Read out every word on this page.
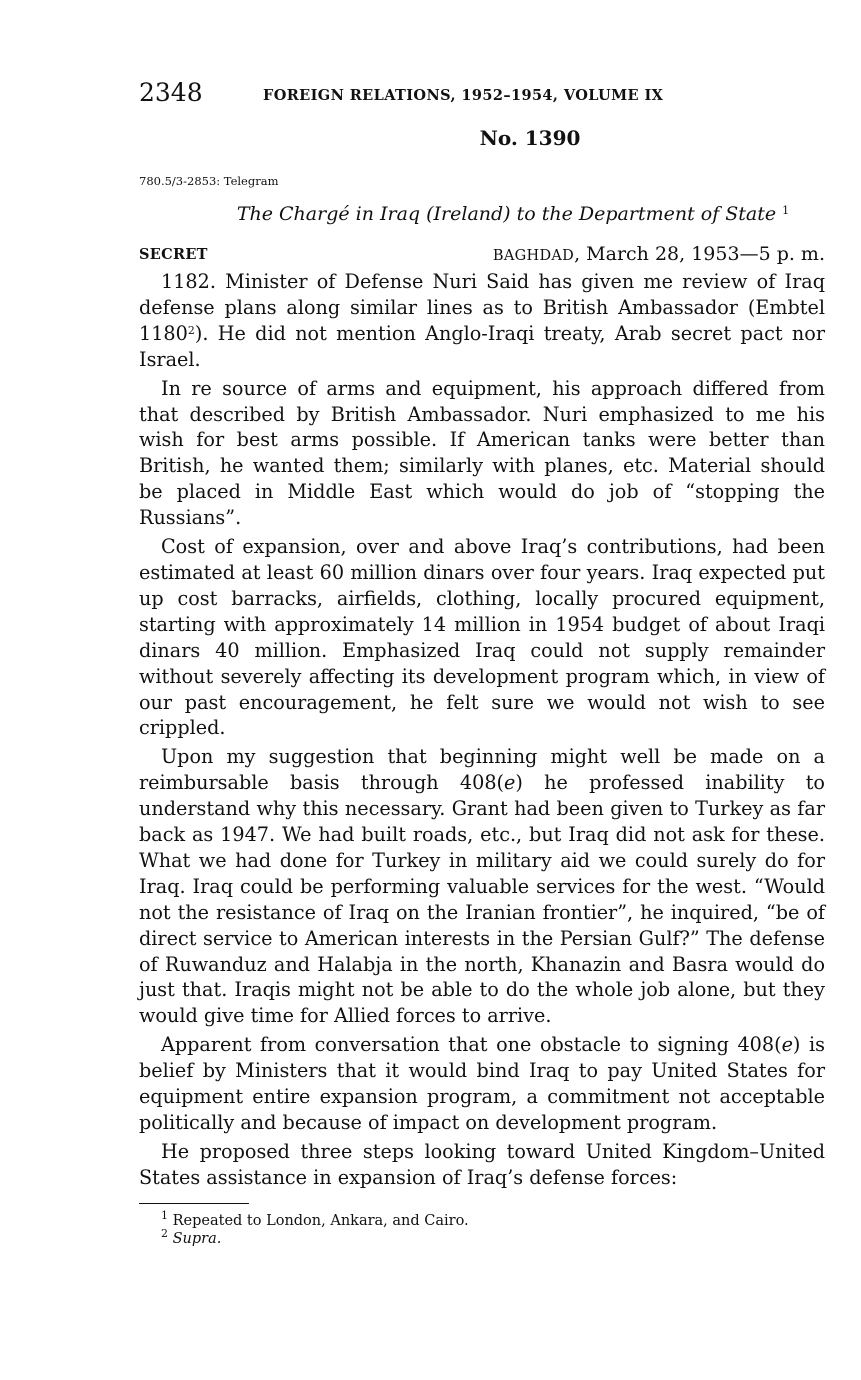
2348	FOREIGN RELATIONS, 1952–1954, VOLUME IX
No. 1390
780.5/3-2853: Telegram
The Chargé in Iraq (Ireland) to the Department of State $^1$
SECRET	BAGHDAD, March 28, 1953—5 p. m.

1182. Minister of Defense Nuri Said has given me review of Iraq defense plans along similar lines as to British Ambassador (Embtel 1180$^2$). He did not mention Anglo-Iraqi treaty, Arab secret pact nor Israel.

In re source of arms and equipment, his approach differed from that described by British Ambassador. Nuri emphasized to me his wish for best arms possible. If American tanks were better than British, he wanted them; similarly with planes, etc. Material should be placed in Middle East which would do job of “stopping the Russians”.

Cost of expansion, over and above Iraq’s contributions, had been estimated at least 60 million dinars over four years. Iraq expected put up cost barracks, airfields, clothing, locally procured equipment, starting with approximately 14 million in 1954 budget of about Iraqi dinars 40 million. Emphasized Iraq could not supply remainder without severely affecting its development program which, in view of our past encouragement, he felt sure we would not wish to see crippled.

Upon my suggestion that beginning might well be made on a reimbursable basis through 408(e) he professed inability to understand why this necessary. Grant had been given to Turkey as far back as 1947. We had built roads, etc., but Iraq did not ask for these. What we had done for Turkey in military aid we could surely do for Iraq. Iraq could be performing valuable services for the west. “Would not the resistance of Iraq on the Iranian frontier”, he inquired, “be of direct service to American interests in the Persian Gulf?” The defense of Ruwanduz and Halabja in the north, Khanazin and Basra would do just that. Iraqis might not be able to do the whole job alone, but they would give time for Allied forces to arrive.

Apparent from conversation that one obstacle to signing 408(e) is belief by Ministers that it would bind Iraq to pay United States for equipment entire expansion program, a commitment not acceptable politically and because of impact on development program.

He proposed three steps looking toward United Kingdom–United States assistance in expansion of Iraq’s defense forces:

$^1$ Repeated to London, Ankara, and Cairo.
$^2$ Supra.
